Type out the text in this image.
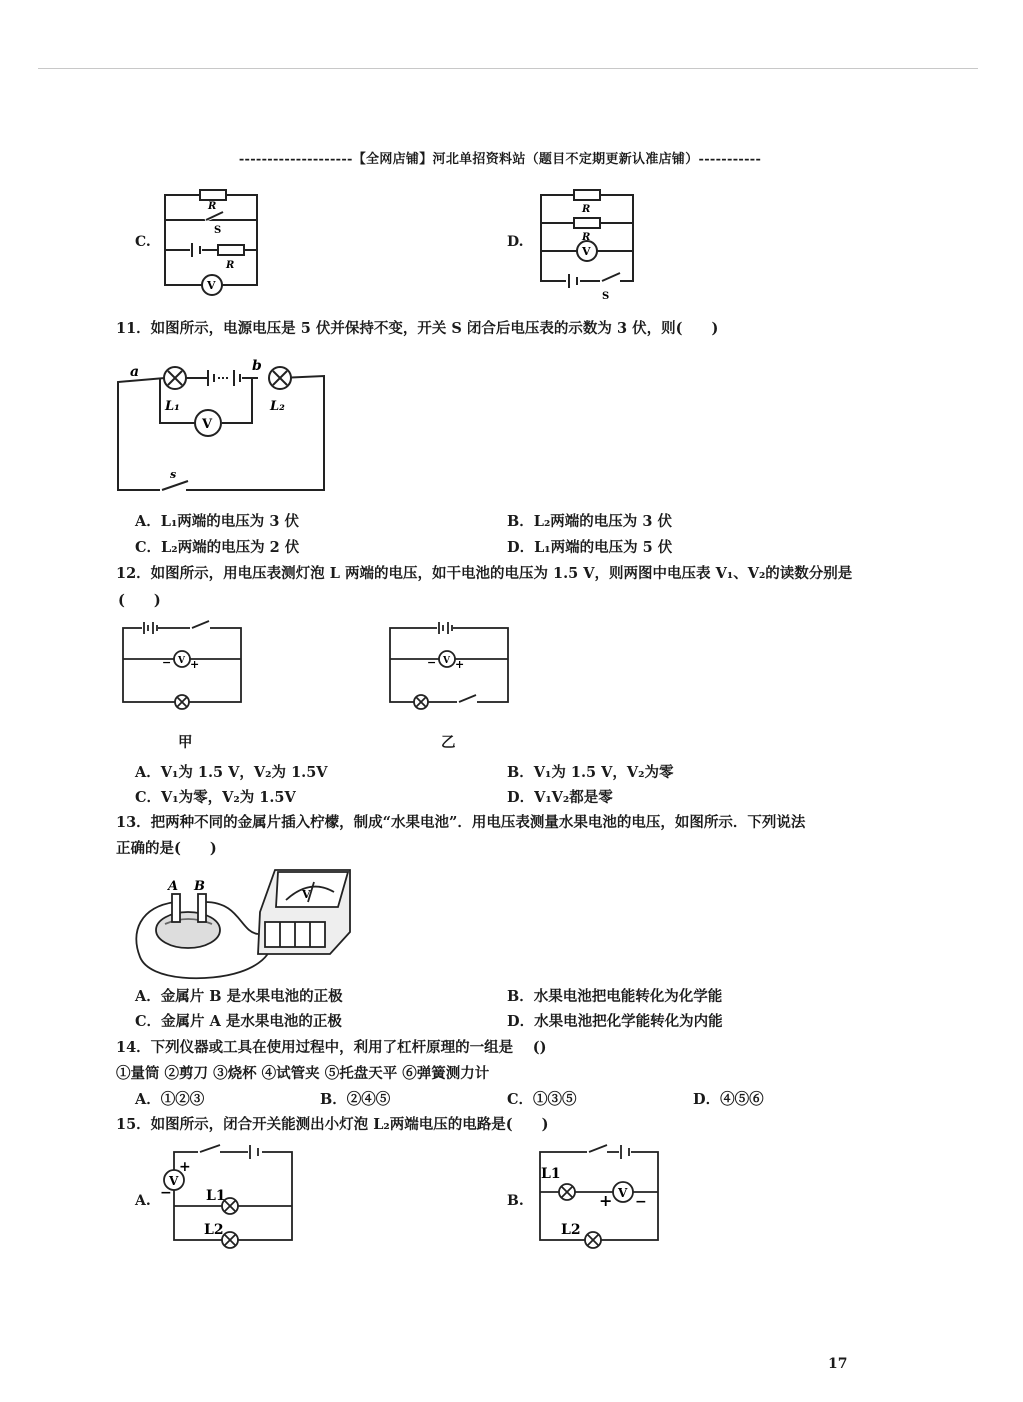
--------------------【全网店铺】河北单招资料站（题目不定期更新认准店铺）-----------
C.
R
S
R
V
D.
R
R
V
S
11．如图所示，电源电压是 5 伏并保持不变，开关 S 闭合后电压表的示数为 3 伏，则(　　)
a	b
L₁	L₂
V
s
A．L₁两端的电压为 3 伏	B．L₂两端的电压为 3 伏
C．L₂两端的电压为 2 伏	D．L₁两端的电压为 5 伏
12．如图所示，用电压表测灯泡 L 两端的电压，如干电池的电压为 1.5 V，则两图中电压表 V₁、V₂的读数分别是
(　　)
V
− +
甲
V
− +
乙
A．V₁为 1.5 V，V₂为 1.5V	B．V₁为 1.5 V，V₂为零
C．V₁为零，V₂为 1.5V	D．V₁V₂都是零
13．把两种不同的金属片插入柠檬，制成“水果电池”．用电压表测量水果电池的电压，如图所示．下列说法
正确的是(　　)
A B
V
A．金属片 B 是水果电池的正极	B．水果电池把电能转化为化学能
C．金属片 A 是水果电池的正极	D．水果电池把化学能转化为内能
14．下列仪器或工具在使用过程中，利用了杠杆原理的一组是　 ()
①量筒 ②剪刀 ③烧杯 ④试管夹 ⑤托盘天平 ⑥弹簧测力计
A．①②③	B．②④⑤	C．①③⑤	D．④⑤⑥
15．如图所示，闭合开关能测出小灯泡 L₂两端电压的电路是(　　)
A.
+
V
− L1
L2
B.
L1
+ V
−
L2
17
